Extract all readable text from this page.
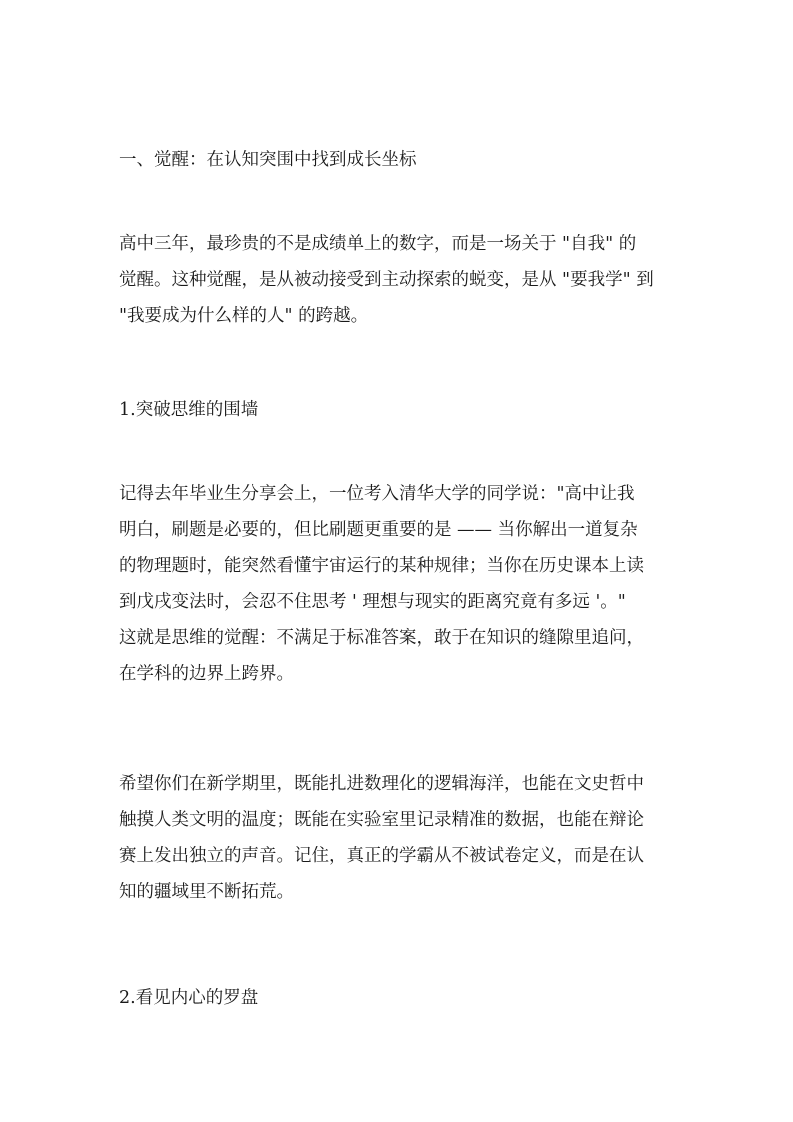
一、觉醒：在认知突围中找到成长坐标

高中三年，最珍贵的不是成绩单上的数字，而是一场关于 "自我" 的
觉醒。这种觉醒，是从被动接受到主动探索的蜕变，是从 "要我学" 到
"我要成为什么样的人" 的跨越。

1.突破思维的围墙

记得去年毕业生分享会上，一位考入清华大学的同学说："高中让我
明白，刷题是必要的，但比刷题更重要的是 —— 当你解出一道复杂
的物理题时，能突然看懂宇宙运行的某种规律；当你在历史课本上读
到戊戌变法时，会忍不住思考 ' 理想与现实的距离究竟有多远 '。"
这就是思维的觉醒：不满足于标准答案，敢于在知识的缝隙里追问，
在学科的边界上跨界。

希望你们在新学期里，既能扎进数理化的逻辑海洋，也能在文史哲中
触摸人类文明的温度；既能在实验室里记录精准的数据，也能在辩论
赛上发出独立的声音。记住，真正的学霸从不被试卷定义，而是在认
知的疆域里不断拓荒。

2.看见内心的罗盘
